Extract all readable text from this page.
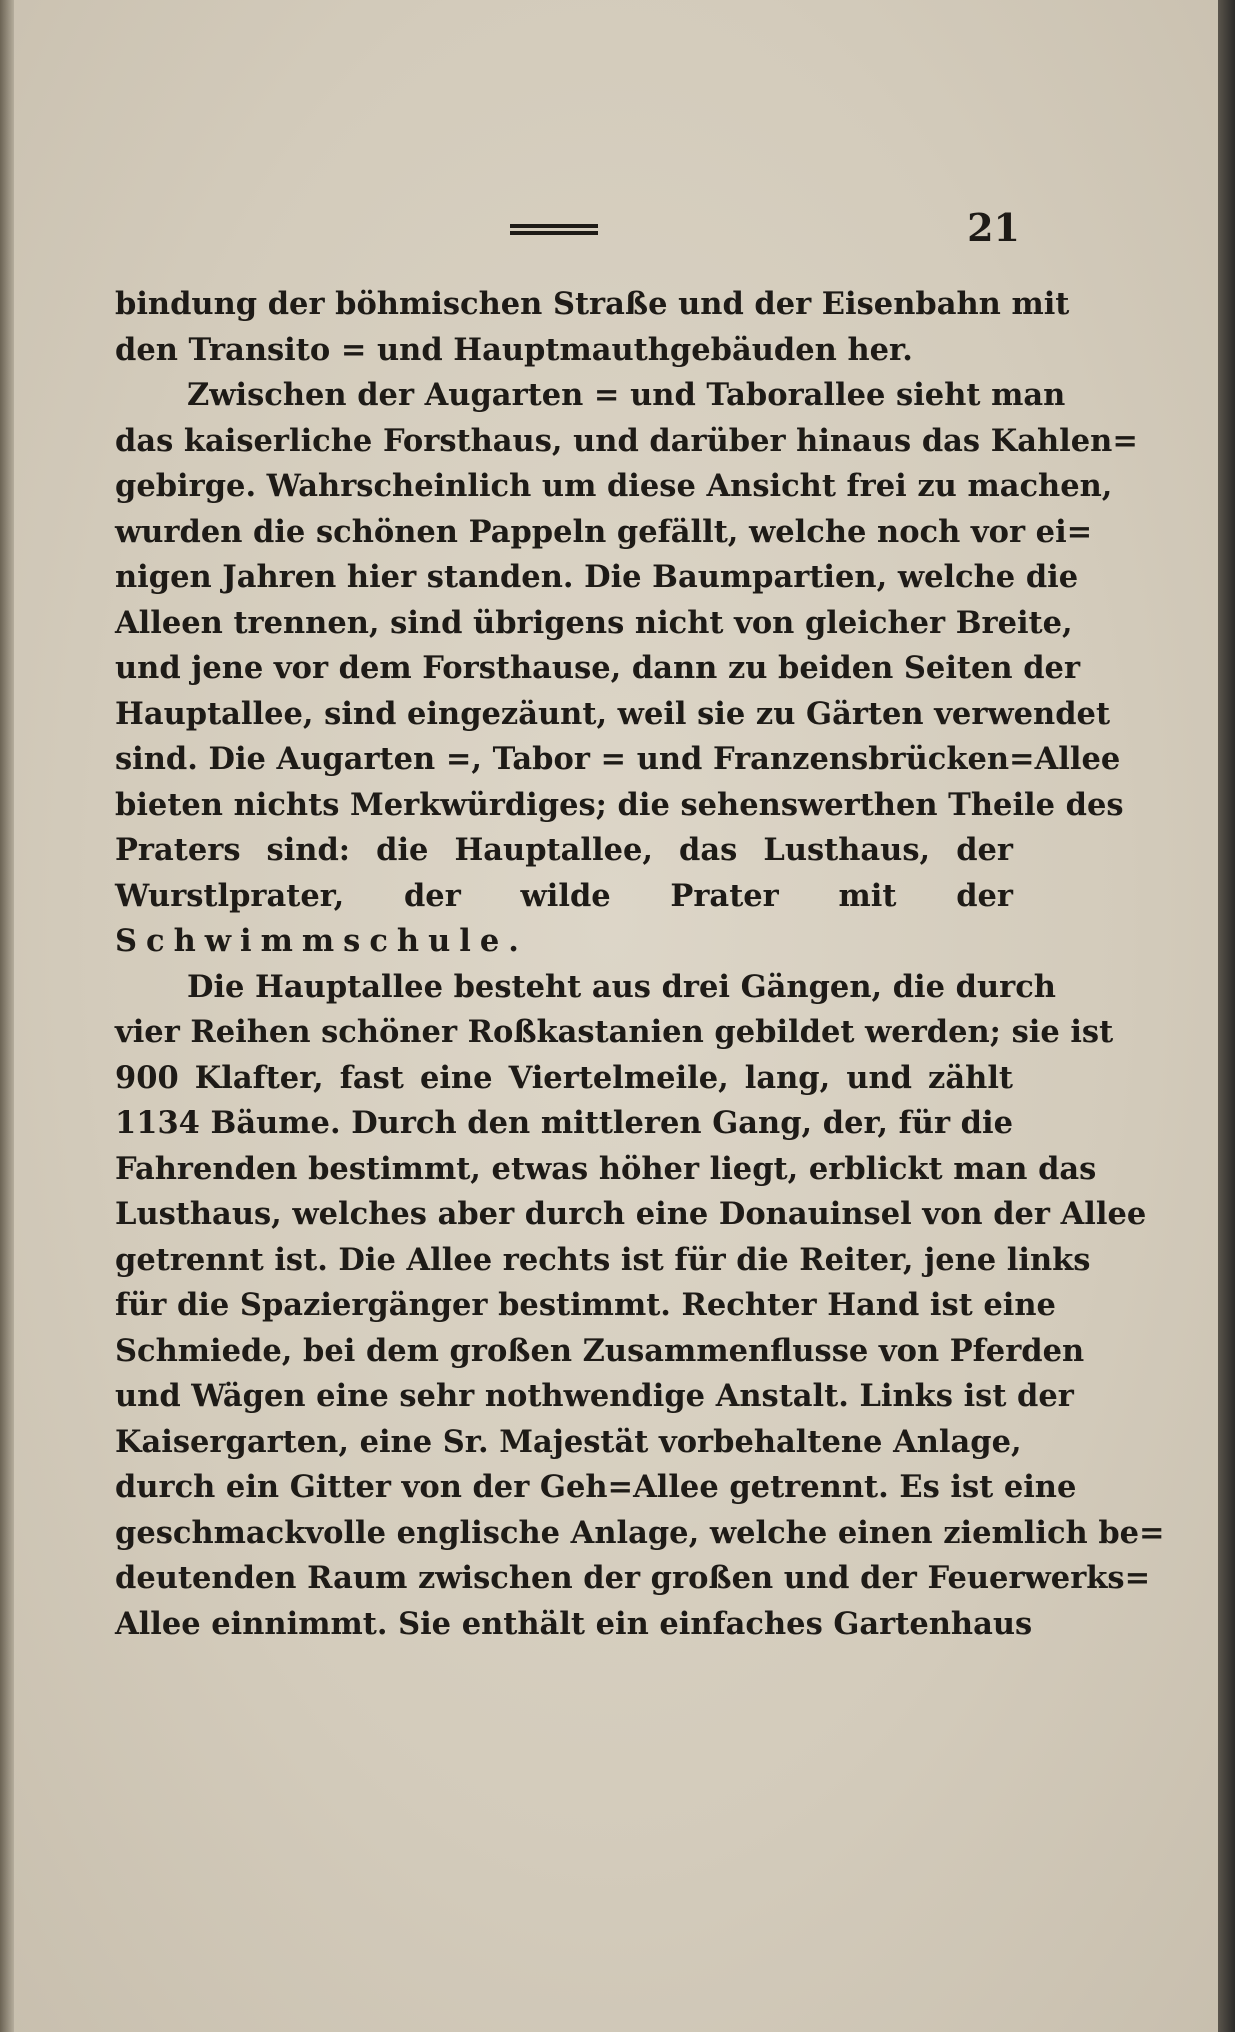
21
bindung der böhmischen Straße und der Eisenbahn mit
den Transito = und Hauptmauthgebäuden her.
Zwischen der Augarten = und Taborallee sieht man
das kaiserliche Forsthaus, und darüber hinaus das Kahlen=
gebirge. Wahrscheinlich um diese Ansicht frei zu machen,
wurden die schönen Pappeln gefällt, welche noch vor ei=
nigen Jahren hier standen. Die Baumpartien, welche die
Alleen trennen, sind übrigens nicht von gleicher Breite,
und jene vor dem Forsthause, dann zu beiden Seiten der
Hauptallee, sind eingezäunt, weil sie zu Gärten verwendet
sind. Die Augarten =, Tabor = und Franzensbrücken=Allee
bieten nichts Merkwürdiges; die sehenswerthen Theile des
Praters sind: die Hauptallee, das Lusthaus, der
Wurstlprater, der wilde Prater mit der
Schwimmschule.
Die Hauptallee besteht aus drei Gängen, die durch
vier Reihen schöner Roßkastanien gebildet werden; sie ist
900 Klafter, fast eine Viertelmeile, lang, und zählt
1134 Bäume. Durch den mittleren Gang, der, für die
Fahrenden bestimmt, etwas höher liegt, erblickt man das
Lusthaus, welches aber durch eine Donauinsel von der Allee
getrennt ist. Die Allee rechts ist für die Reiter, jene links
für die Spaziergänger bestimmt. Rechter Hand ist eine
Schmiede, bei dem großen Zusammenflusse von Pferden
und Wägen eine sehr nothwendige Anstalt. Links ist der
Kaisergarten, eine Sr. Majestät vorbehaltene Anlage,
durch ein Gitter von der Geh=Allee getrennt. Es ist eine
geschmackvolle englische Anlage, welche einen ziemlich be=
deutenden Raum zwischen der großen und der Feuerwerks=
Allee einnimmt. Sie enthält ein einfaches Gartenhaus
